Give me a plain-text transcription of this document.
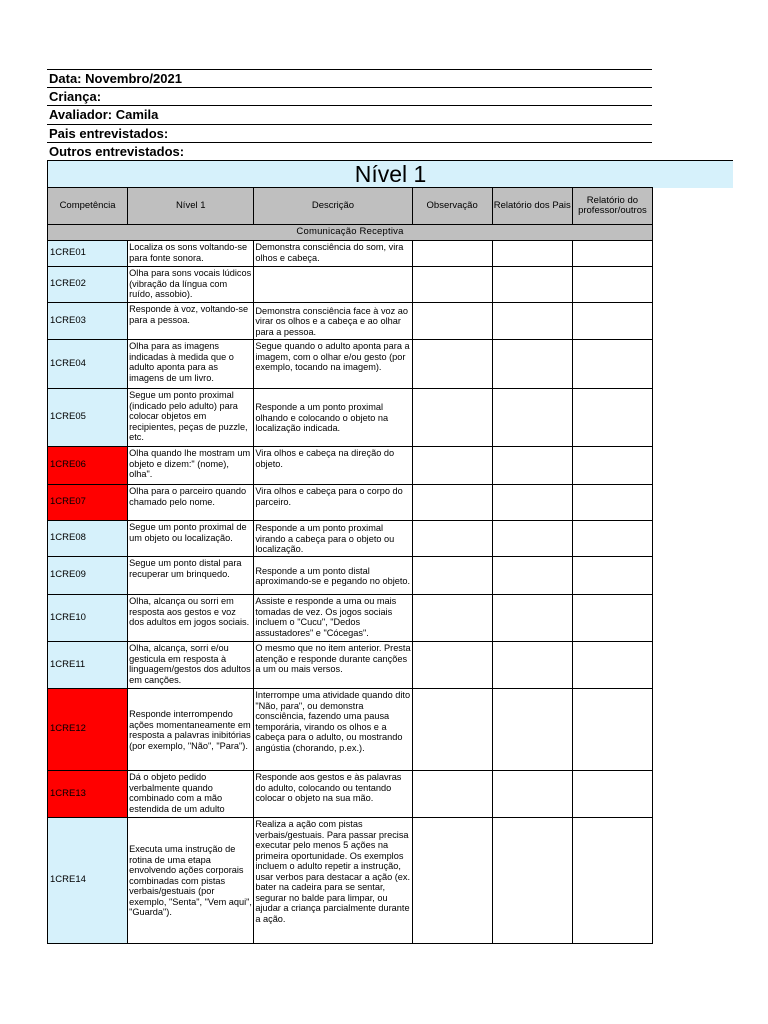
Data: Novembro/2021
Criança:
Avaliador: Camila
Pais entrevistados:
Outros entrevistados:
Nível 1
Competência	Nível 1	Descrição	Observação	Relatório dos Pais	Relatório do professor/outros
Comunicação Receptiva					
1CRE01	Localiza os sons voltando-se para fonte sonora.	Demonstra consciência do som, vira olhos e cabeça.			
1CRE02	Olha para sons vocais lúdicos (vibração da língua com ruído, assobio).				
1CRE03	Responde à voz, voltando-se para a pessoa.	Demonstra consciência face à voz ao virar os olhos e a cabeça e ao olhar para a pessoa.			
1CRE04	Olha para as imagens indicadas à medida que o adulto aponta para as imagens de um livro.	Segue quando o adulto aponta para a imagem, com o olhar e/ou gesto (por exemplo, tocando na imagem).			
1CRE05	Segue um ponto proximal (indicado pelo adulto) para colocar objetos em recipientes, peças de puzzle, etc.	Responde a um ponto proximal olhando e colocando o objeto na localização indicada.			
1CRE06	Olha quando lhe mostram um objeto e dizem:" (nome), olha".	Vira olhos e cabeça na direção do objeto.			
1CRE07	Olha para o parceiro quando chamado pelo nome.	Vira olhos e cabeça para o corpo do parceiro.			
1CRE08	Segue um ponto proximal de um objeto ou localização.	Responde a um ponto proximal virando a cabeça para o objeto ou localização.			
1CRE09	Segue um ponto distal para recuperar um brinquedo.	Responde a um ponto distal aproximando-se e pegando no objeto.			
1CRE10	Olha, alcança ou sorri em resposta aos gestos e voz dos adultos em jogos sociais.	Assiste e responde a uma ou mais tomadas de vez. Os jogos sociais incluem o "Cucu", "Dedos assustadores" e "Cócegas".			
1CRE11	Olha, alcança, sorri e/ou gesticula em resposta à linguagem/gestos dos adultos em canções.	O mesmo que no item anterior. Presta atenção e responde durante canções a um ou mais versos.			
1CRE12	Responde interrompendo ações momentaneamente em resposta a palavras inibitórias (por exemplo, "Não", "Para").	Interrompe uma atividade quando dito "Não, para", ou demonstra consciência, fazendo uma pausa temporária, virando os olhos e a cabeça para o adulto, ou mostrando angústia (chorando, p.ex.).			
1CRE13	Dá o objeto pedido verbalmente quando combinado com a mão estendida de um adulto	Responde aos gestos e às palavras do adulto, colocando ou tentando colocar o objeto na sua mão.			
1CRE14	Executa uma instrução de rotina de uma etapa envolvendo ações corporais combinadas com pistas verbais/gestuais (por exemplo, "Senta", "Vem aqui", "Guarda").	Realiza a ação com pistas verbais/gestuais. Para passar precisa executar pelo menos 5 ações na primeira oportunidade. Os exemplos incluem o adulto repetir a instrução, usar verbos para destacar a ação (ex. bater na cadeira para se sentar, segurar no balde para limpar, ou ajudar a criança parcialmente durante a ação.			
